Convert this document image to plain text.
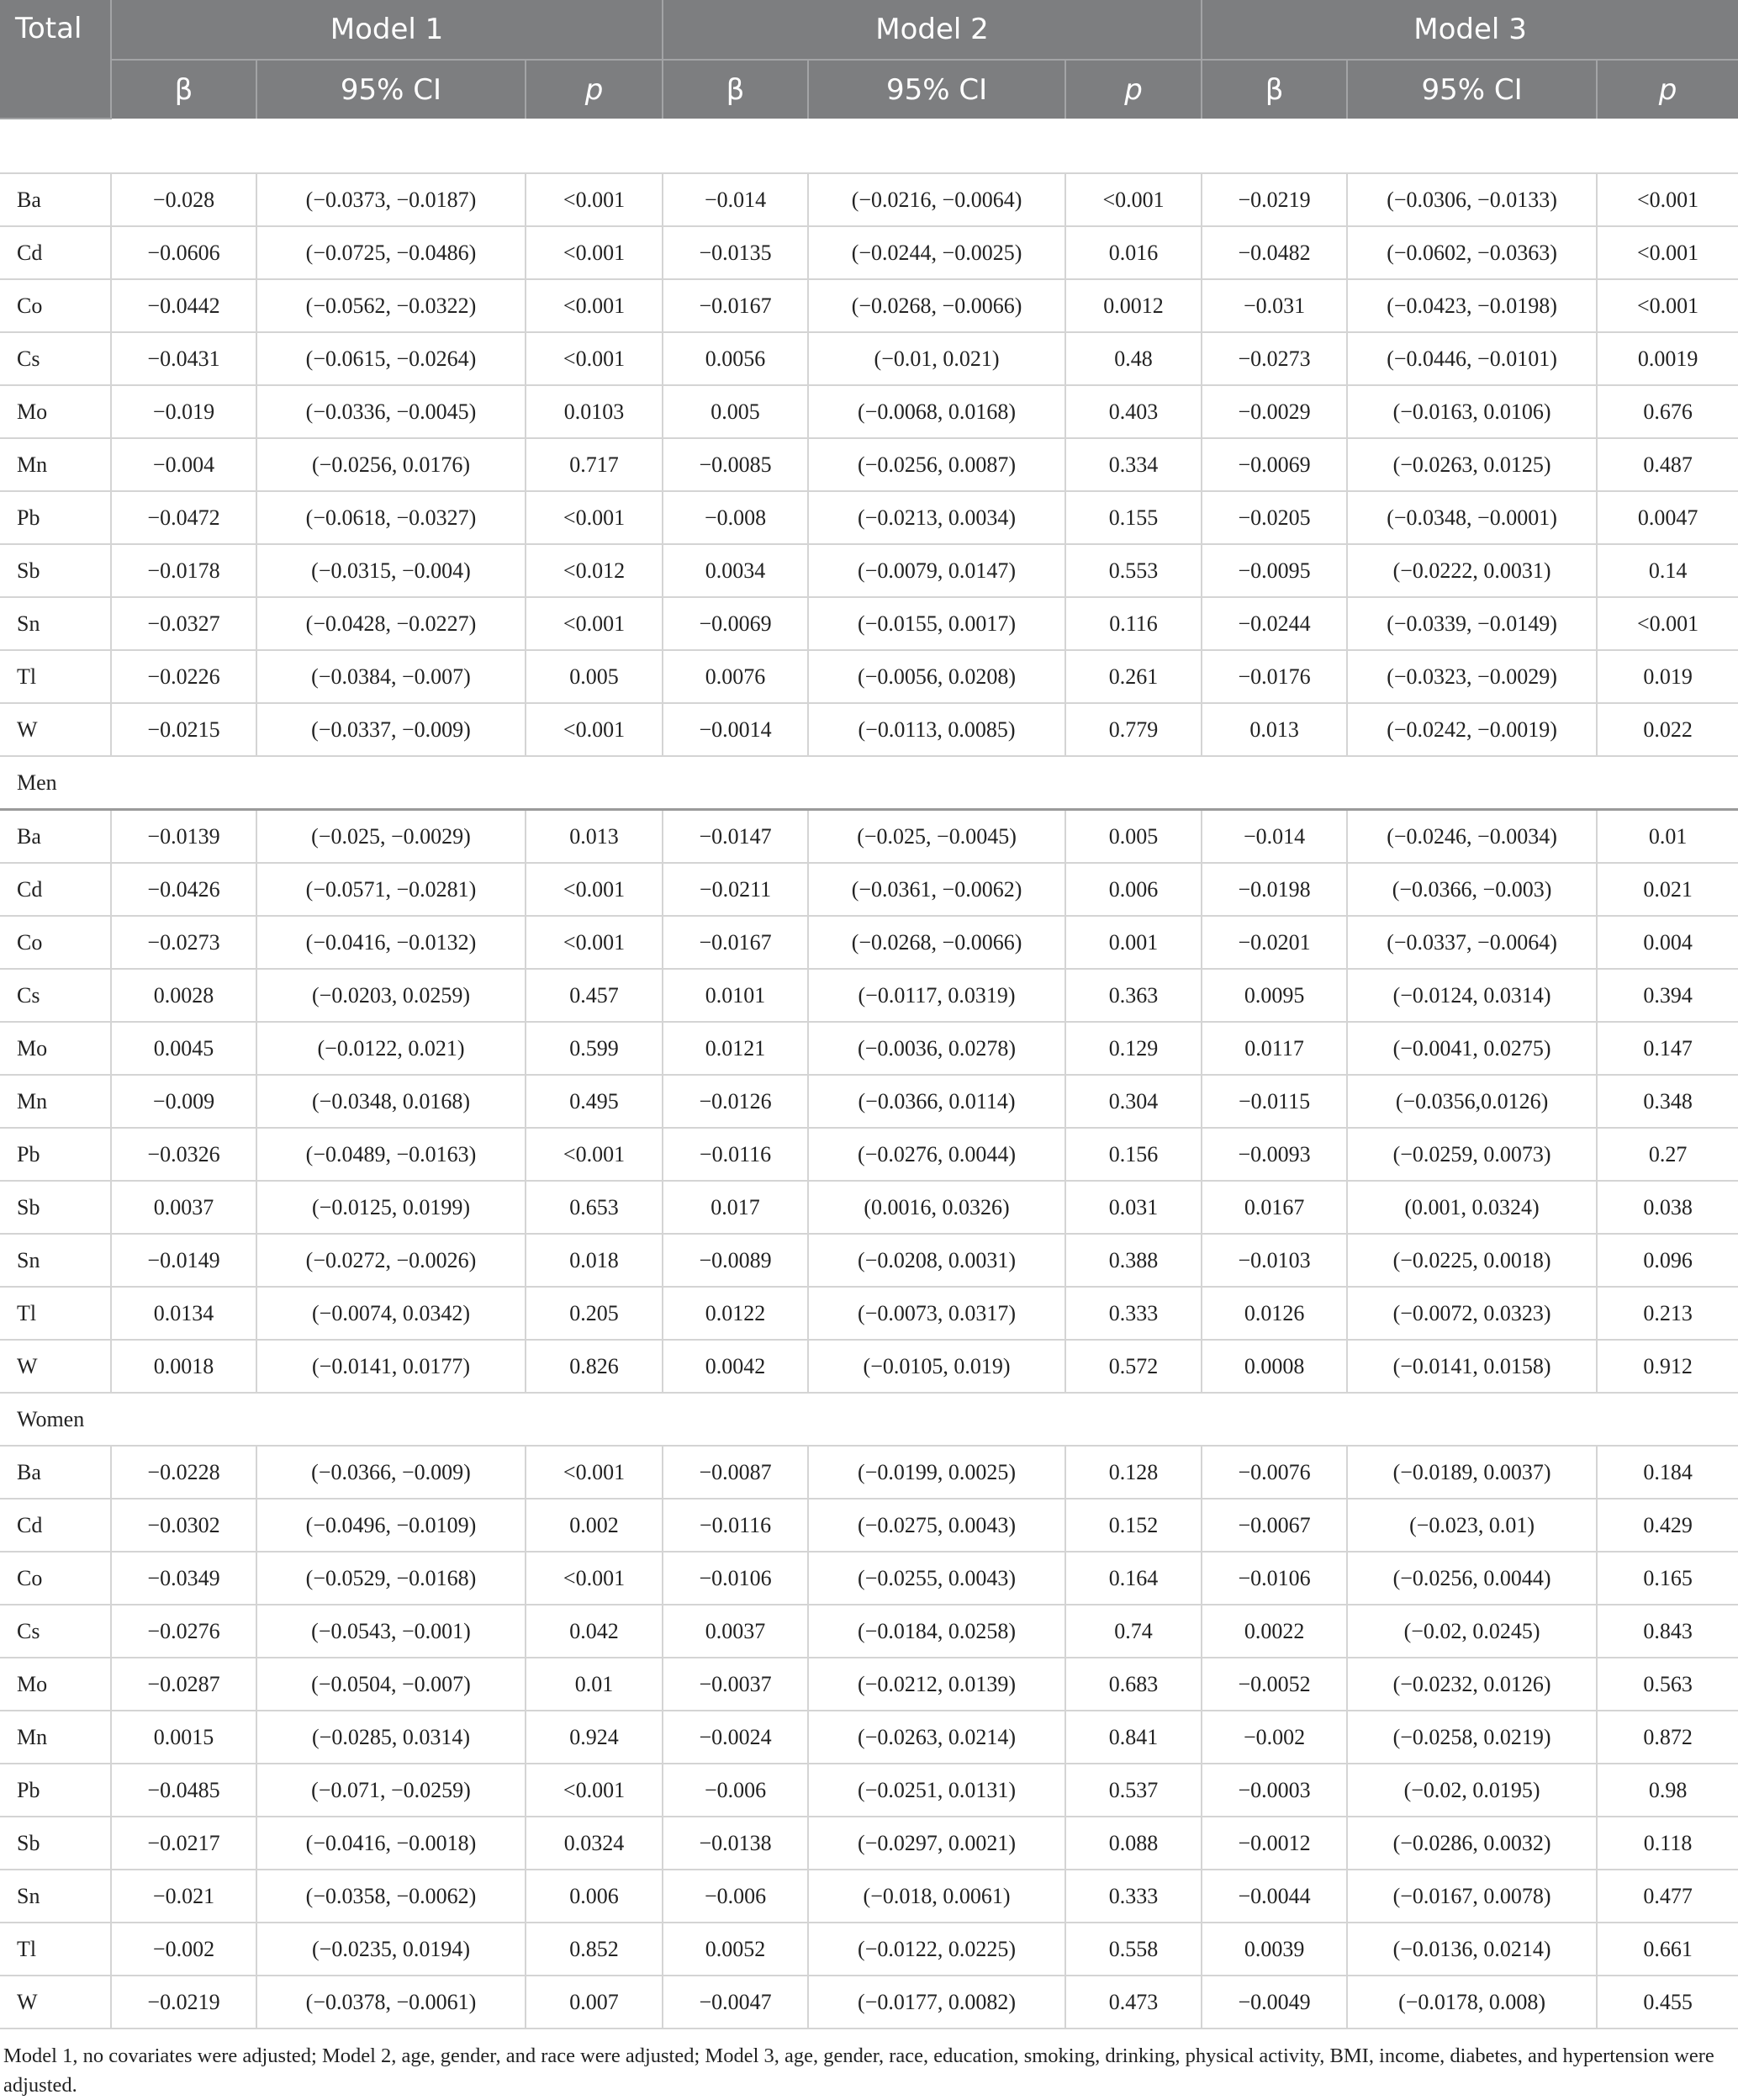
Total	Model 1			Model 2			Model 3		
	β	95% CI	p	β	95% CI	p	β	95% CI	p

Ba	−0.028	(−0.0373, −0.0187)	<0.001	−0.014	(−0.0216, −0.0064)	<0.001	−0.0219	(−0.0306, −0.0133)	<0.001
Cd	−0.0606	(−0.0725, −0.0486)	<0.001	−0.0135	(−0.0244, −0.0025)	0.016	−0.0482	(−0.0602, −0.0363)	<0.001
Co	−0.0442	(−0.0562, −0.0322)	<0.001	−0.0167	(−0.0268, −0.0066)	0.0012	−0.031	(−0.0423, −0.0198)	<0.001
Cs	−0.0431	(−0.0615, −0.0264)	<0.001	0.0056	(−0.01, 0.021)	0.48	−0.0273	(−0.0446, −0.0101)	0.0019
Mo	−0.019	(−0.0336, −0.0045)	0.0103	0.005	(−0.0068, 0.0168)	0.403	−0.0029	(−0.0163, 0.0106)	0.676
Mn	−0.004	(−0.0256, 0.0176)	0.717	−0.0085	(−0.0256, 0.0087)	0.334	−0.0069	(−0.0263, 0.0125)	0.487
Pb	−0.0472	(−0.0618, −0.0327)	<0.001	−0.008	(−0.0213, 0.0034)	0.155	−0.0205	(−0.0348, −0.0001)	0.0047
Sb	−0.0178	(−0.0315, −0.004)	<0.012	0.0034	(−0.0079, 0.0147)	0.553	−0.0095	(−0.0222, 0.0031)	0.14
Sn	−0.0327	(−0.0428, −0.0227)	<0.001	−0.0069	(−0.0155, 0.0017)	0.116	−0.0244	(−0.0339, −0.0149)	<0.001
Tl	−0.0226	(−0.0384, −0.007)	0.005	0.0076	(−0.0056, 0.0208)	0.261	−0.0176	(−0.0323, −0.0029)	0.019
W	−0.0215	(−0.0337, −0.009)	<0.001	−0.0014	(−0.0113, 0.0085)	0.779	0.013	(−0.0242, −0.0019)	0.022
Men									
Ba	−0.0139	(−0.025, −0.0029)	0.013	−0.0147	(−0.025, −0.0045)	0.005	−0.014	(−0.0246, −0.0034)	0.01
Cd	−0.0426	(−0.0571, −0.0281)	<0.001	−0.0211	(−0.0361, −0.0062)	0.006	−0.0198	(−0.0366, −0.003)	0.021
Co	−0.0273	(−0.0416, −0.0132)	<0.001	−0.0167	(−0.0268, −0.0066)	0.001	−0.0201	(−0.0337, −0.0064)	0.004
Cs	0.0028	(−0.0203, 0.0259)	0.457	0.0101	(−0.0117, 0.0319)	0.363	0.0095	(−0.0124, 0.0314)	0.394
Mo	0.0045	(−0.0122, 0.021)	0.599	0.0121	(−0.0036, 0.0278)	0.129	0.0117	(−0.0041, 0.0275)	0.147
Mn	−0.009	(−0.0348, 0.0168)	0.495	−0.0126	(−0.0366, 0.0114)	0.304	−0.0115	(−0.0356,0.0126)	0.348
Pb	−0.0326	(−0.0489, −0.0163)	<0.001	−0.0116	(−0.0276, 0.0044)	0.156	−0.0093	(−0.0259, 0.0073)	0.27
Sb	0.0037	(−0.0125, 0.0199)	0.653	0.017	(0.0016, 0.0326)	0.031	0.0167	(0.001, 0.0324)	0.038
Sn	−0.0149	(−0.0272, −0.0026)	0.018	−0.0089	(−0.0208, 0.0031)	0.388	−0.0103	(−0.0225, 0.0018)	0.096
Tl	0.0134	(−0.0074, 0.0342)	0.205	0.0122	(−0.0073, 0.0317)	0.333	0.0126	(−0.0072, 0.0323)	0.213
W	0.0018	(−0.0141, 0.0177)	0.826	0.0042	(−0.0105, 0.019)	0.572	0.0008	(−0.0141, 0.0158)	0.912
Women									
Ba	−0.0228	(−0.0366, −0.009)	<0.001	−0.0087	(−0.0199, 0.0025)	0.128	−0.0076	(−0.0189, 0.0037)	0.184
Cd	−0.0302	(−0.0496, −0.0109)	0.002	−0.0116	(−0.0275, 0.0043)	0.152	−0.0067	(−0.023, 0.01)	0.429
Co	−0.0349	(−0.0529, −0.0168)	<0.001	−0.0106	(−0.0255, 0.0043)	0.164	−0.0106	(−0.0256, 0.0044)	0.165
Cs	−0.0276	(−0.0543, −0.001)	0.042	0.0037	(−0.0184, 0.0258)	0.74	0.0022	(−0.02, 0.0245)	0.843
Mo	−0.0287	(−0.0504, −0.007)	0.01	−0.0037	(−0.0212, 0.0139)	0.683	−0.0052	(−0.0232, 0.0126)	0.563
Mn	0.0015	(−0.0285, 0.0314)	0.924	−0.0024	(−0.0263, 0.0214)	0.841	−0.002	(−0.0258, 0.0219)	0.872
Pb	−0.0485	(−0.071, −0.0259)	<0.001	−0.006	(−0.0251, 0.0131)	0.537	−0.0003	(−0.02, 0.0195)	0.98
Sb	−0.0217	(−0.0416, −0.0018)	0.0324	−0.0138	(−0.0297, 0.0021)	0.088	−0.0012	(−0.0286, 0.0032)	0.118
Sn	−0.021	(−0.0358, −0.0062)	0.006	−0.006	(−0.018, 0.0061)	0.333	−0.0044	(−0.0167, 0.0078)	0.477
Tl	−0.002	(−0.0235, 0.0194)	0.852	0.0052	(−0.0122, 0.0225)	0.558	0.0039	(−0.0136, 0.0214)	0.661
W	−0.0219	(−0.0378, −0.0061)	0.007	−0.0047	(−0.0177, 0.0082)	0.473	−0.0049	(−0.0178, 0.008)	0.455
Model 1, no covariates were adjusted; Model 2, age, gender, and race were adjusted; Model 3, age, gender, race, education, smoking, drinking, physical activity, BMI, income, diabetes, and hypertension were adjusted.
